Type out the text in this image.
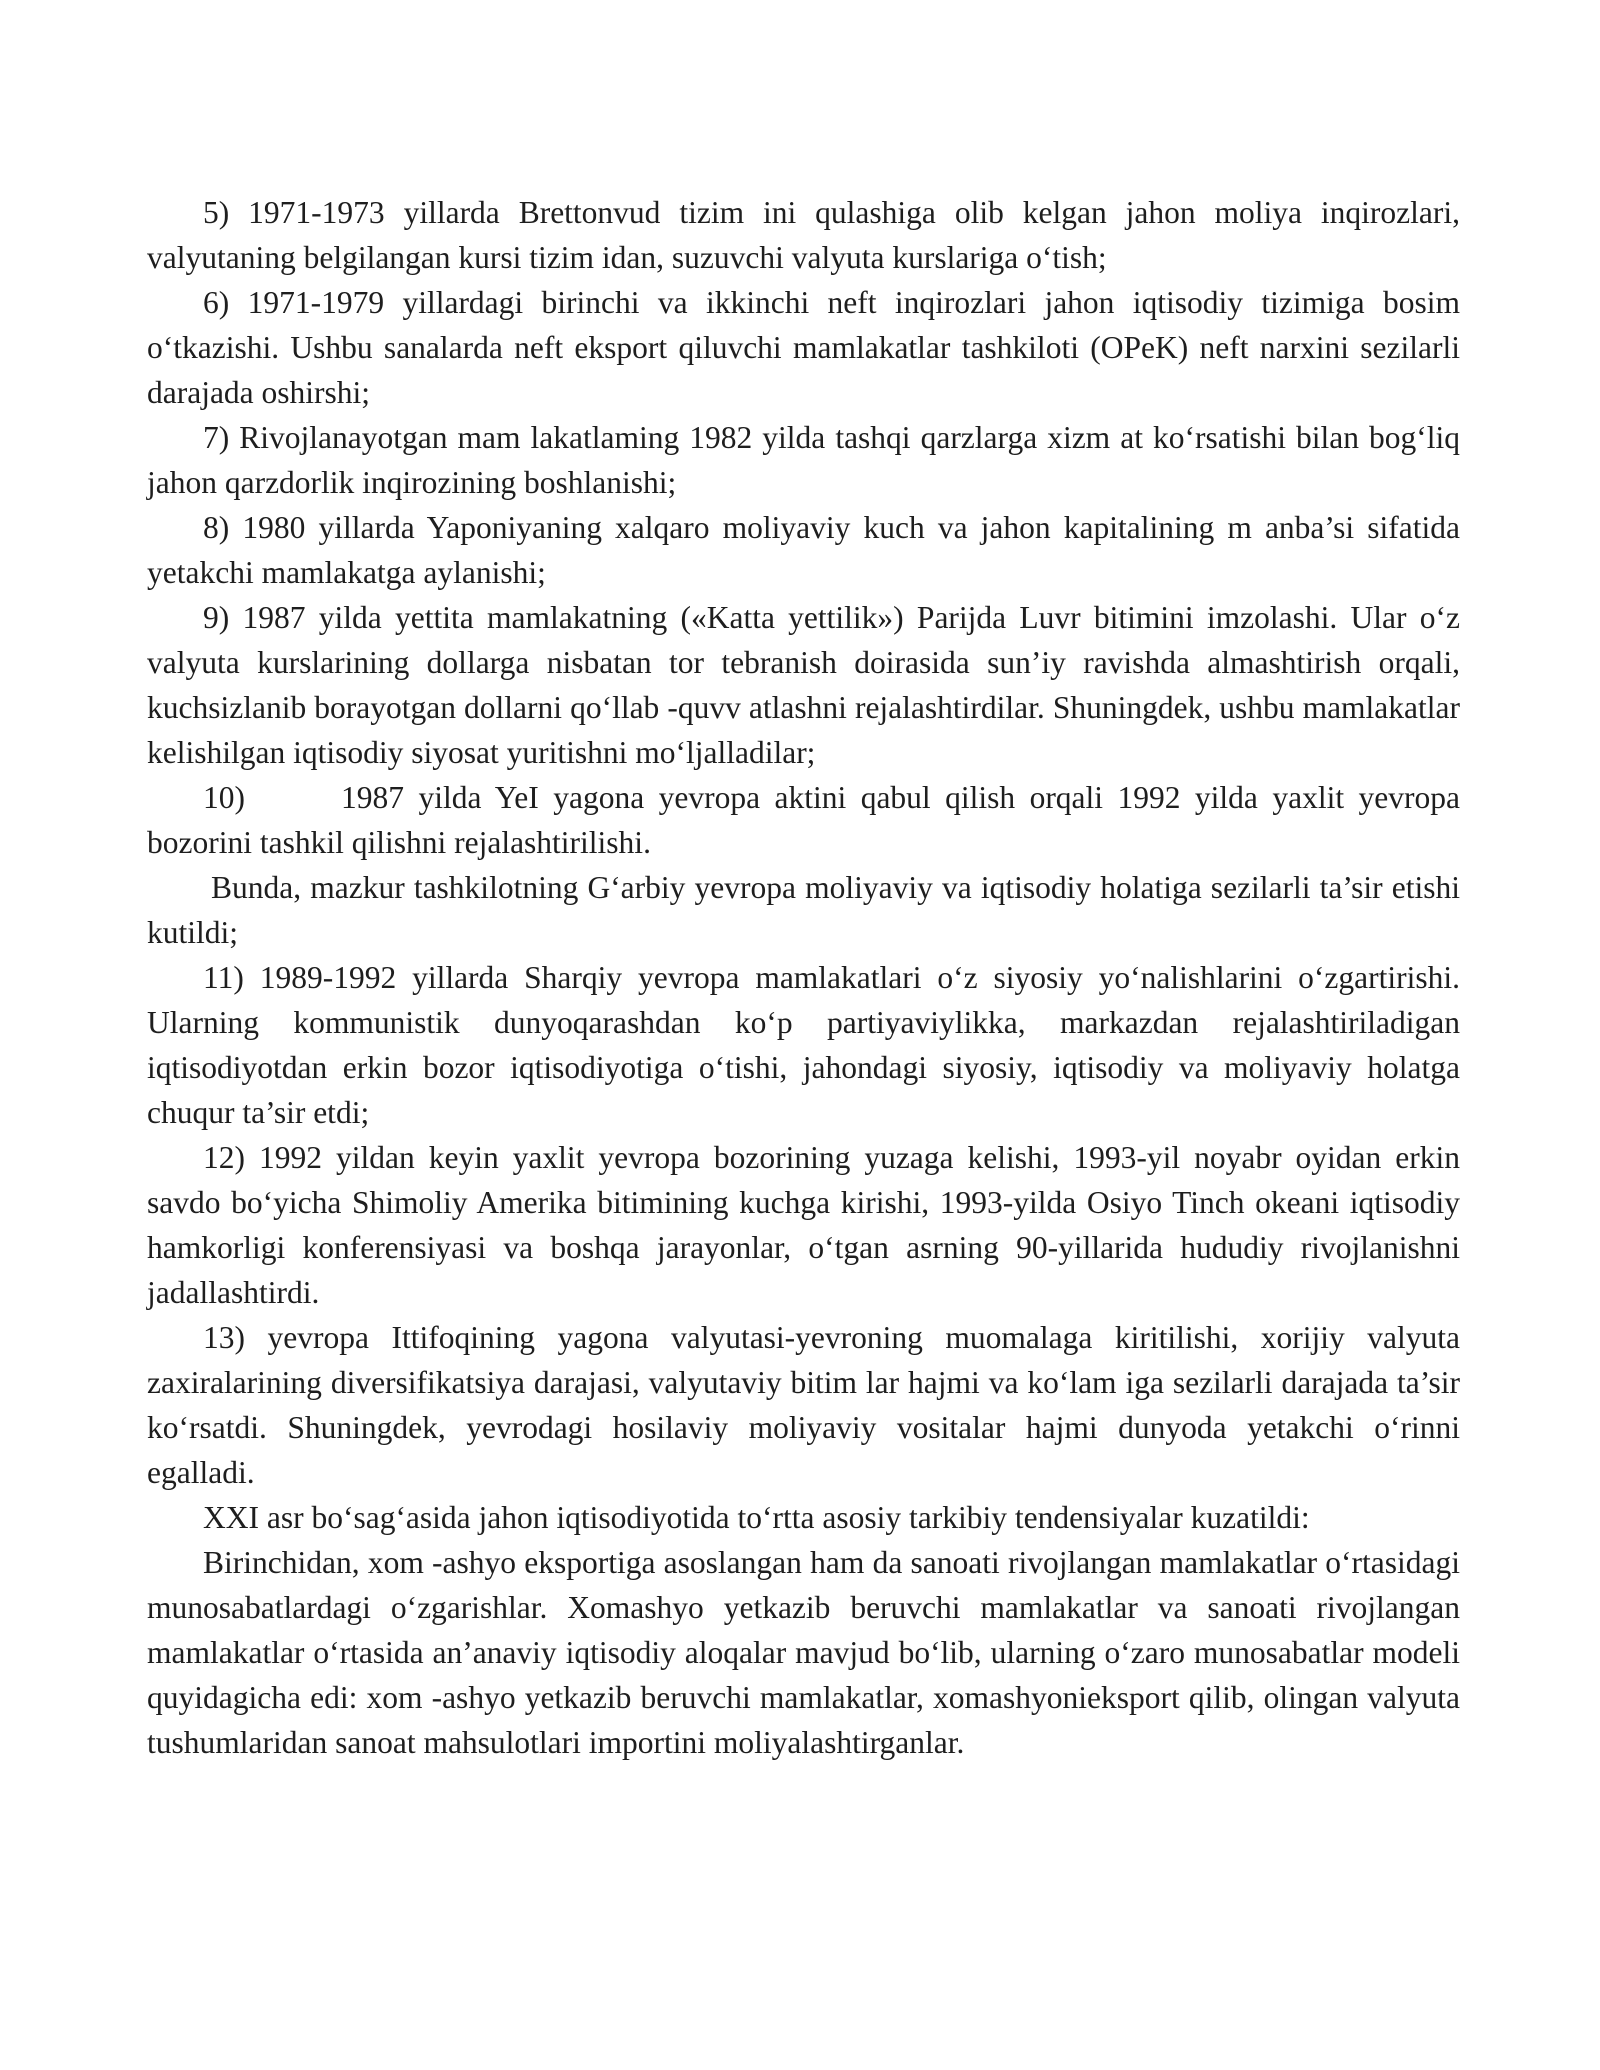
5) 1971-1973 yillarda Brettonvud tizim ini qulashiga olib kelgan jahon moliya inqirozlari, valyutaning belgilangan kursi tizim idan, suzuvchi valyuta kurslariga oʻtish;

6) 1971-1979 yillardagi birinchi va ikkinchi neft inqirozlari jahon iqtisodiy tizimiga bosim oʻtkazishi. Ushbu sanalarda neft eksport qiluvchi mamlakatlar tashkiloti (OPeK) neft narxini sezilarli darajada oshirshi;

7) Rivojlanayotgan mam lakatlaming 1982 yilda tashqi qarzlarga xizm at koʻrsatishi bilan bogʻliq jahon qarzdorlik inqirozining boshlanishi;

8) 1980 yillarda Yaponiyaning xalqaro moliyaviy kuch va jahon kapitalining m anba’si sifatida yetakchi mamlakatga aylanishi;

9) 1987 yilda yettita mamlakatning («Katta yettilik») Parijda Luvr bitimini imzolashi. Ular oʻz valyuta kurslarining dollarga nisbatan tor tebranish doirasida sun’iy ravishda almashtirish orqali, kuchsizlanib borayotgan dollarni qoʻllab -quvv atlashni rejalashtirdilar. Shuningdek, ushbu mamlakatlar kelishilgan iqtisodiy siyosat yuritishni moʻljalladilar;

10)	1987 yilda YeI yagona yevropa aktini qabul qilish orqali 1992 yilda yaxlit yevropa bozorini tashkil qilishni rejalashtirilishi.

Bunda, mazkur tashkilotning Gʻarbiy yevropa moliyaviy va iqtisodiy holatiga sezilarli ta’sir etishi kutildi;

11) 1989-1992 yillarda Sharqiy yevropa mamlakatlari oʻz siyosiy yoʻnalishlarini oʻzgartirishi. Ularning kommunistik dunyoqarashdan koʻp partiyaviylikka, markazdan rejalashtiriladigan iqtisodiyotdan erkin bozor iqtisodiyotiga oʻtishi, jahondagi siyosiy, iqtisodiy va moliyaviy holatga chuqur ta’sir etdi;

12) 1992 yildan keyin yaxlit yevropa bozorining yuzaga kelishi, 1993-yil noyabr oyidan erkin savdo boʻyicha Shimoliy Amerika bitimining kuchga kirishi, 1993-yilda Osiyo Tinch okeani iqtisodiy hamkorligi konferensiyasi va boshqa jarayonlar, oʻtgan asrning 90-yillarida hududiy rivojlanishni jadallashtirdi.

13) yevropa Ittifoqining yagona valyutasi-yevroning muomalaga kiritilishi, xorijiy valyuta zaxiralarining diversifikatsiya darajasi, valyutaviy bitim lar hajmi va koʻlam iga sezilarli darajada ta’sir koʻrsatdi. Shuningdek, yevrodagi hosilaviy moliyaviy vositalar hajmi dunyoda yetakchi oʻrinni egalladi.

XXI asr boʻsagʻasida jahon iqtisodiyotida toʻrtta asosiy tarkibiy tendensiyalar kuzatildi:

Birinchidan, xom -ashyo eksportiga asoslangan ham da sanoati rivojlangan mamlakatlar oʻrtasidagi munosabatlardagi oʻzgarishlar. Xomashyo yetkazib beruvchi mamlakatlar va sanoati rivojlangan mamlakatlar oʻrtasida an’anaviy iqtisodiy aloqalar mavjud boʻlib, ularning oʻzaro munosabatlar modeli quyidagicha edi: xom -ashyo yetkazib beruvchi mamlakatlar, xomashyonieksport qilib, olingan valyuta tushumlaridan sanoat mahsulotlari importini moliyalashtirganlar.
